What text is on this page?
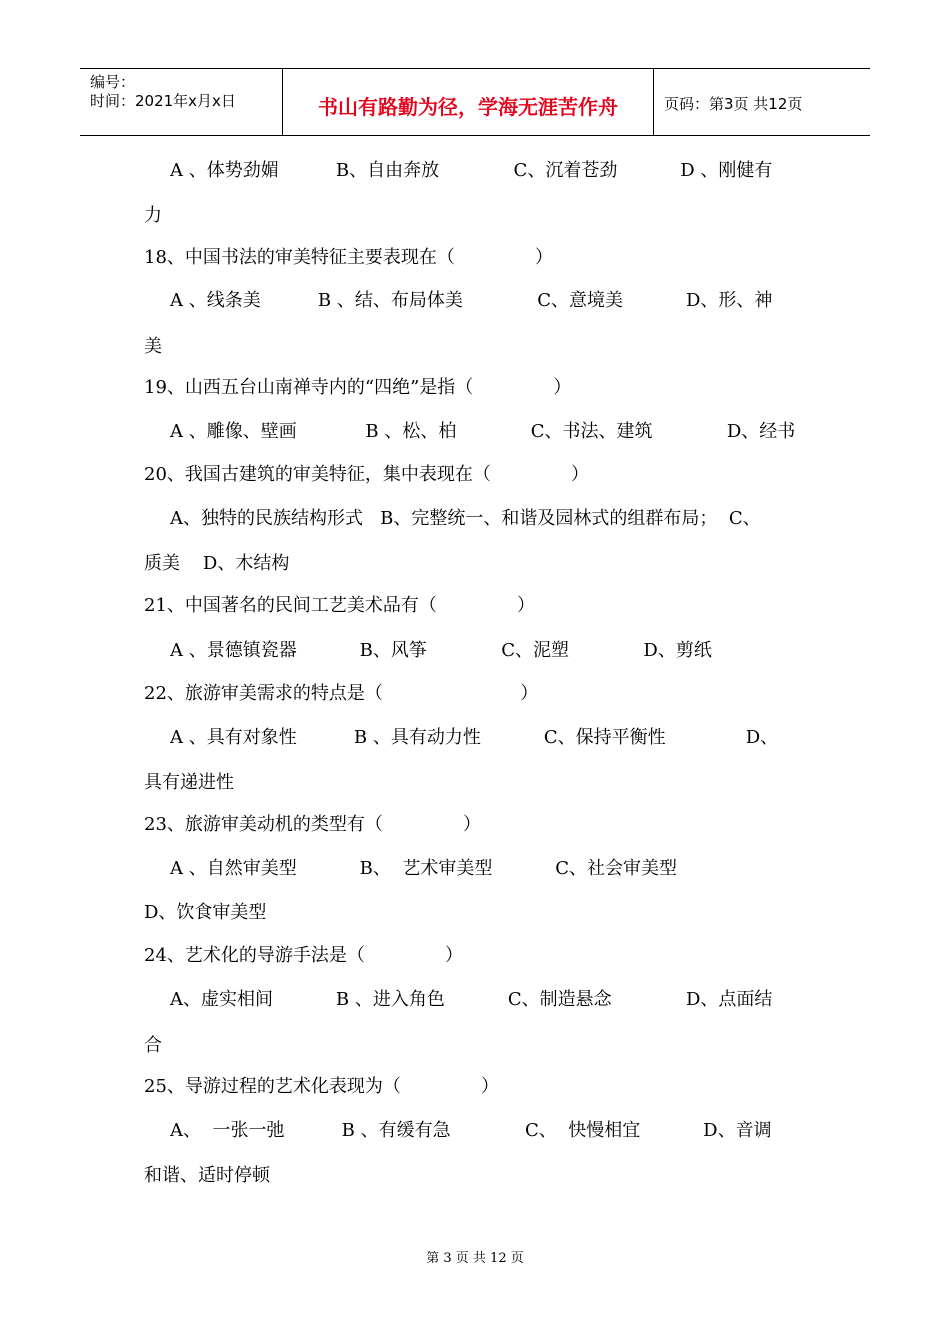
编号：
时间：2021年x月x日	书山有路勤为径，学海无涯苦作舟	页码：第3页 共12页
A 、体势劲媚          B、自由奔放             C、沉着苍劲           D 、刚健有
力
18、中国书法的审美特征主要表现在（              ）
A 、线条美          B 、结、布局体美             C、意境美           D、形、神
美
19、山西五台山南禅寺内的“四绝”是指（              ）
A 、雕像、壁画            B 、松、柏             C、书法、建筑             D、经书
20、我国古建筑的审美特征，集中表现在（              ）
A、独特的民族结构形式   B、完整统一、和谐及园林式的组群布局；  C、
质美    D、木结构
21、中国著名的民间工艺美术品有（              ）
A 、景德镇瓷器           B、风筝             C、泥塑             D、剪纸
22、旅游审美需求的特点是（                        ）
A 、具有对象性          B 、具有动力性           C、保持平衡性              D、
具有递进性
23、旅游审美动机的类型有（              ）
A 、自然审美型           B、  艺术审美型           C、社会审美型
D、饮食审美型
24、艺术化的导游手法是（              ）
A、虚实相间           B 、进入角色           C、制造悬念             D、点面结
合
25、导游过程的艺术化表现为（              ）
A、  一张一弛          B 、有缓有急             C、  快慢相宜           D、音调
和谐、适时停顿
第 3 页 共 12 页
